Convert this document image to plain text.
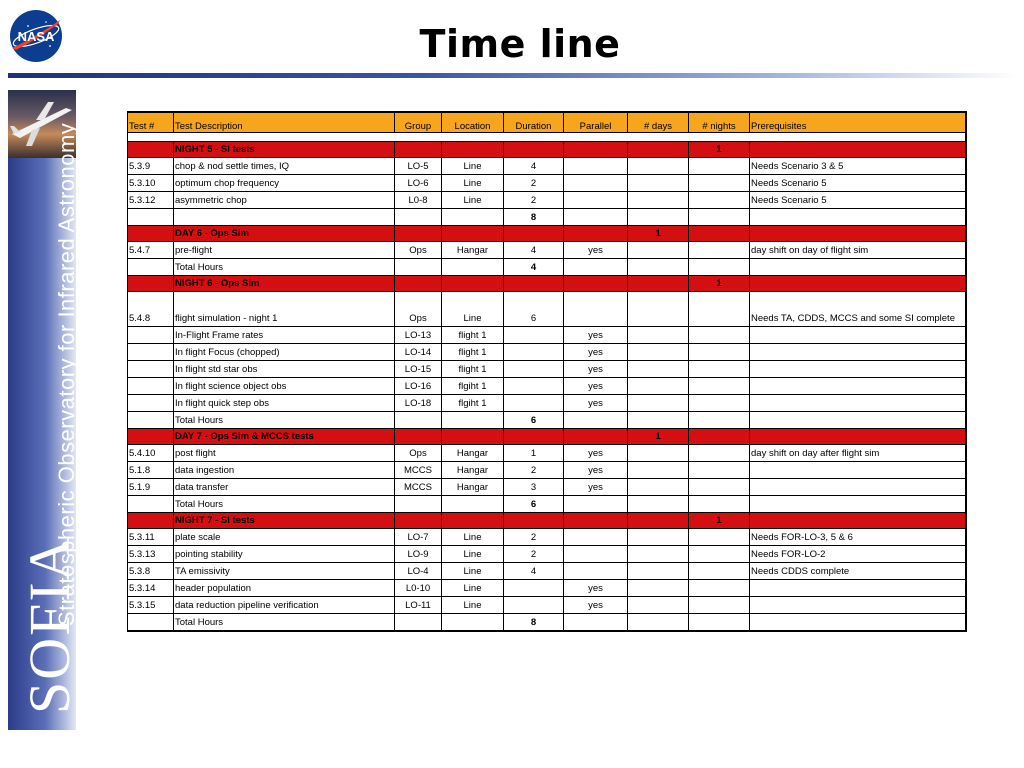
NASA	Time line
Stratospheric Observatory for Infrared Astronomy
SOFIA
Test #	Test Description	Group	Location	Duration	Parallel	# days	# nights	Prerequisites

	NIGHT 5 - SI tests						1	
5.3.9	chop & nod settle times, IQ	LO-5	Line	4				Needs Scenario 3 & 5
5.3.10	optimum chop frequency	LO-6	Line	2				Needs Scenario 5
5.3.12	asymmetric chop	L0-8	Line	2				Needs Scenario 5
				8				
	DAY 6 - Ops Sim					1		
5.4.7	pre-flight	Ops	Hangar	4	yes			day shift on day of flight sim
	Total Hours			4				
	NIGHT 6 - Ops Sim						1	
5.4.8	flight simulation - night 1	Ops	Line	6				Needs TA, CDDS, MCCS and some SI complete
	In-Flight Frame rates	LO-13	flight 1		yes			
	In flight Focus (chopped)	LO-14	flight 1		yes			
	In flight std star obs	LO-15	flight 1		yes			
	In flight science object obs	LO-16	flgiht 1		yes			
	In flight quick step obs	LO-18	flgiht 1		yes			
	Total Hours			6				
	DAY 7 - Ops Sim & MCCS tests					1		
5.4.10	post flight	Ops	Hangar	1	yes			day shift on day after flight sim
5.1.8	data ingestion	MCCS	Hangar	2	yes			
5.1.9	data transfer	MCCS	Hangar	3	yes			
	Total Hours			6				
	NIGHT 7 - SI tests						1	
5.3.11	plate scale	LO-7	Line	2				Needs FOR-LO-3, 5 & 6
5.3.13	pointing stability	LO-9	Line	2				Needs FOR-LO-2
5.3.8	TA emissivity	LO-4	Line	4				Needs CDDS complete
5.3.14	header population	L0-10	Line		yes			
5.3.15	data reduction pipeline verification	LO-11	Line		yes			
	Total Hours			8				
